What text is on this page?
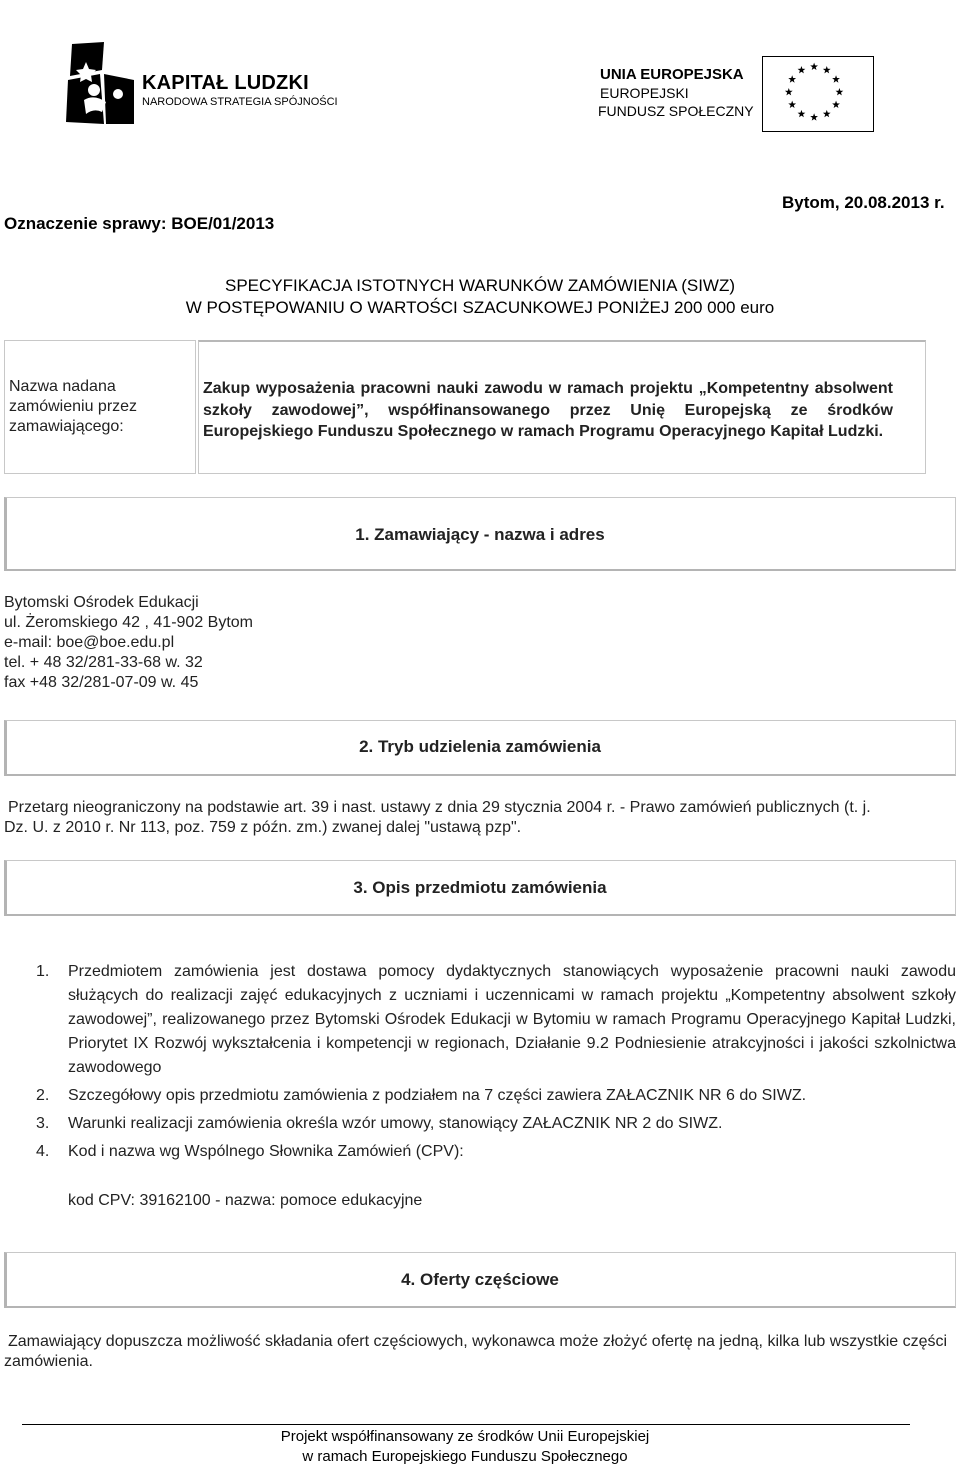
KAPITAŁ LUDZKI
NARODOWA STRATEGIA SPÓJNOŚCI
UNIA EUROPEJSKA
EUROPEJSKI
FUNDUSZ SPOŁECZNY
Oznaczenie sprawy: BOE/01/2013
Bytom, 20.08.2013 r.
SPECYFIKACJA ISTOTNYCH WARUNKÓW ZAMÓWIENIA (SIWZ)
W POSTĘPOWANIU O WARTOŚCI SZACUNKOWEJ PONIŻEJ 200 000 euro
Nazwa nadana zamówieniu przez zamawiającego:
Zakup wyposażenia pracowni nauki zawodu w ramach projektu „Kompetentny absolwent szkoły zawodowej”, współfinansowanego przez Unię Europejską ze środków Europejskiego Funduszu Społecznego w ramach Programu Operacyjnego Kapitał Ludzki.
1. Zamawiający - nazwa i adres
Bytomski Ośrodek Edukacji
ul. Żeromskiego 42 , 41-902 Bytom
e-mail: boe@boe.edu.pl
tel. + 48 32/281-33-68 w. 32
fax +48 32/281-07-09 w. 45
2. Tryb udzielenia zamówienia
Przetarg nieograniczony na podstawie art. 39 i nast. ustawy z dnia 29 stycznia 2004 r. - Prawo zamówień publicznych (t. j. Dz. U. z 2010 r. Nr 113, poz. 759 z późn. zm.) zwanej dalej "ustawą pzp".
3. Opis przedmiotu zamówienia
1. Przedmiotem zamówienia jest dostawa pomocy dydaktycznych stanowiących wyposażenie pracowni nauki zawodu służących do realizacji zajęć edukacyjnych z uczniami i uczennicami w ramach projektu „Kompetentny absolwent szkoły zawodowej”, realizowanego przez Bytomski Ośrodek Edukacji w Bytomiu w ramach Programu Operacyjnego Kapitał Ludzki, Priorytet IX Rozwój wykształcenia i kompetencji w regionach, Działanie 9.2 Podniesienie atrakcyjności i jakości szkolnictwa zawodowego
2. Szczegółowy opis przedmiotu zamówienia z podziałem na 7 części zawiera ZAŁACZNIK NR 6 do SIWZ.
3. Warunki realizacji zamówienia określa wzór umowy, stanowiący ZAŁACZNIK NR 2 do SIWZ.
4. Kod i nazwa wg Wspólnego Słownika Zamówień (CPV):
kod CPV: 39162100 - nazwa: pomoce edukacyjne
4. Oferty częściowe
Zamawiający dopuszcza możliwość składania ofert częściowych, wykonawca może złożyć ofertę na jedną, kilka lub wszystkie części zamówienia.
Projekt współfinansowany ze środków Unii Europejskiej
w ramach Europejskiego Funduszu Społecznego
